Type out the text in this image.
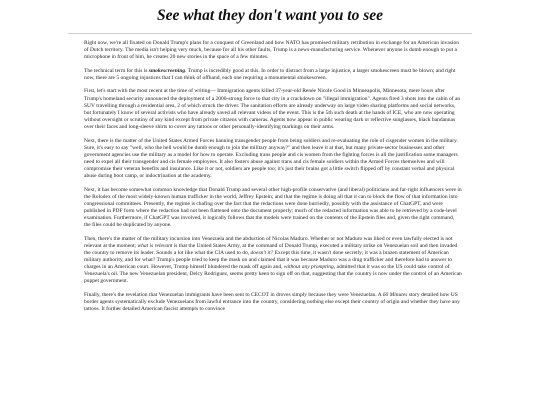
See what they don't want you to see

Right now, we're all fixated on Donald Trump's plans for a conquest of Greenland and how NATO has promised military retribution in exchange for an American invasion of Dutch territory. The media isn't helping very much, because for all his other faults, Trump is a news-manufacturing service. Whenever anyone is dumb enough to put a microphone in front of him, he creates 20 new stories in the space of a few minutes.

The technical term for this is smokescreening. Trump is incredibly good at this. In order to distract from a large injustice, a larger smokescreen must be blown; and right now, there are 5 ongoing injustices that I can think of offhand, each one requiring a monumental smokescreen.

First, let's start with the most recent at the time of writing— Immigration agents killed 37-year-old Renée Nicole Good in Minneapolis, Minnesota, mere hours after Trump's homeland security announced the deployment of a 2000-strong force to that city in a crackdown on "illegal immigration". Agents fired 3 shots into the cabin of an SUV travelling through a residential area, 2 of which struck the driver. The sanitation efforts are already underway on large video sharing platforms and social networks, but fortunately I know of several activists who have already saved all relevant videos of the event. This is the 5th such death at the hands of ICE, who are now operating without oversight or scrutiny of any kind except from private citizens with cameras. Agents now appear in public wearing dark or reflective sunglasses, black bandannas over their faces and long-sleeve shirts to cover any tattoos or other personally-identifying markings on their arms.

Next, there is the matter of the United States Armed Forces banning transgender people from being soldiers and re-evaluating the role of cisgender women in the military. Sure, it's easy to say "well, who the hell would be dumb enough to join the military anyway?" and then leave it at that, but many private-sector businesses and other government agencies use the military as a model for how to operate. Excluding trans people and cis women from the fighting forces is all the justification some managers need to expel all their transgender and cis female employees. It also fosters abuse against trans and cis female soldiers within the Armed Forces themselves and will compromise their veteran benefits and insurance. Like it or not, soldiers are people too; it's just their brains got a little switch flipped off by constant verbal and physical abuse during boot camp, or indoctrination at the academy.

Next, it has become somewhat common knowledge that Donald Trump and several other high-profile conservative (and liberal) politicians and far-right influencers were in the Rolodex of the most widely-known human trafficker in the world, Jeffrey Epstein; and that the regime is doing all that it can to block the flow of that information into congressional committees. Presently, the regime is chafing over the fact that the redactions were done hurriedly, possibly with the assistance of ChatGPT, and were published in PDF form where the redaction had not been flattened onto the document properly; much of the redacted information was able to be retrieved by a code-level examination. Furthermore, if ChatGPT was involved, it logically follows that the models were trained on the contents of the Epstein files and, given the right command, the files could be duplicated by anyone.

Then, there's the matter of the military incursion into Venezuela and the abduction of Nicolas Maduro. Whether or not Maduro was liked or even lawfully elected is not relevant at the moment; what is relevant is that the United States Army, at the command of Donald Trump, executed a military strike on Venezuelan soil and then invaded the country to remove its leader. Sounds a lot like what the CIA used to do, doesn't it? Except this time, it wasn't done secretly; it was a brazen statement of American military authority, and for what? Trump's people tried to keep the mask on and claimed that it was because Maduro was a drug trafficker and therefore had to answer to charges in an American court. However, Trump himself blundered the mask off again and, without any prompting, admitted that it was so the US could take control of Venezuela's oil. The new Venezuelan president, Delcy Rodriguez, seems pretty keen to sign off on that, suggesting that the country is now under the control of an American puppet government.

Finally, there's the revelation that Venezuelan immigrants have been sent to CECOT in droves simply because they were Venezuelan. A 60 Minutes story detailed how US border agents systematically exclude Venezuelans from lawful entrance into the country, considering nothing else except their country of origin and whether they have any tattoos. It further detailed American fascist attempts to convince
